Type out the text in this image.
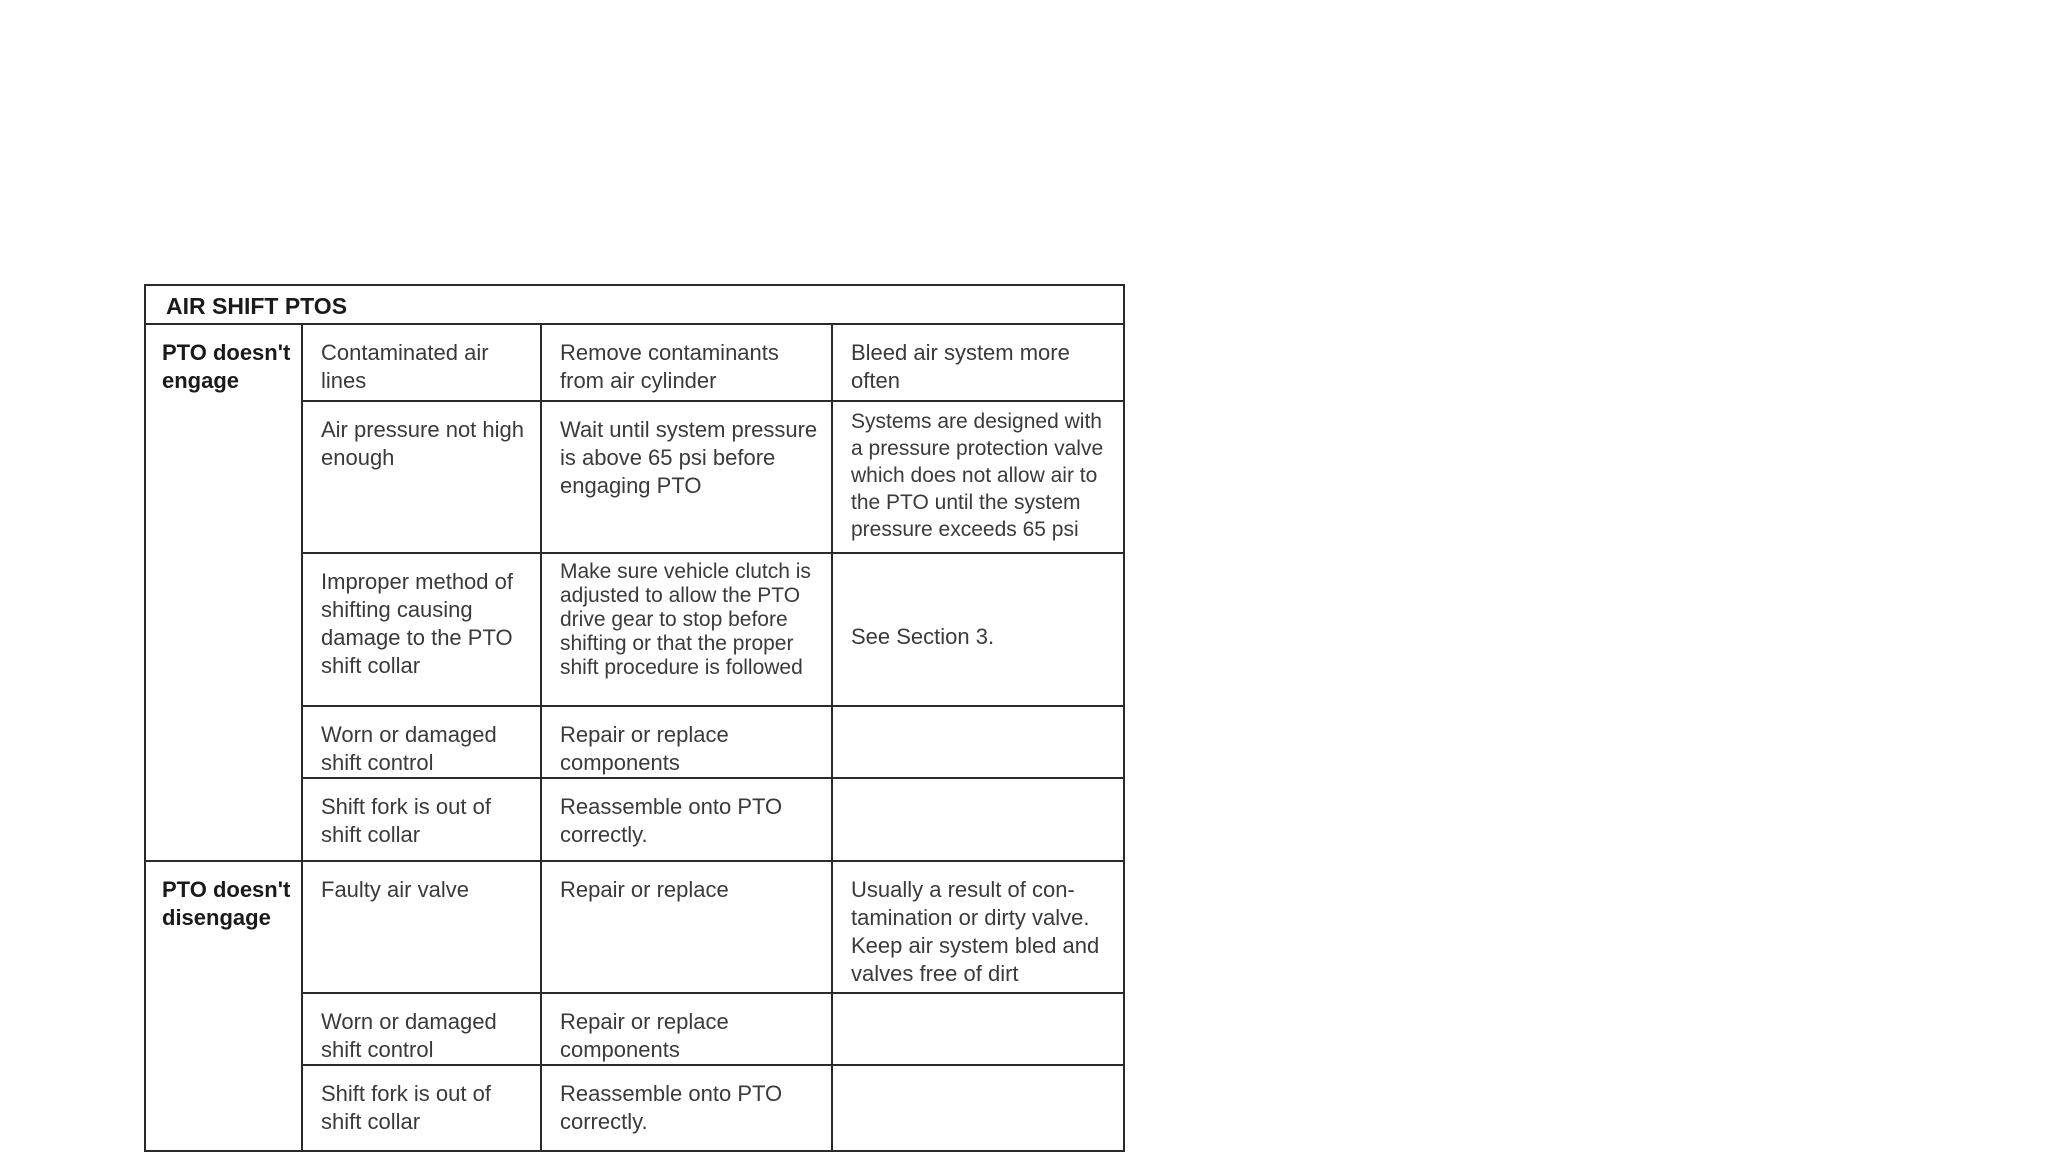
AIR SHIFT PTOS			
PTO doesn't engage	Contaminated air lines	Remove contaminants from air cylinder	Bleed air system more often
	Air pressure not high enough	Wait until system pressure is above 65 psi before engaging PTO	Systems are designed with a pressure protection valve which does not allow air to the PTO until the system pressure exceeds 65 psi
	Improper method of shifting causing damage to the PTO shift collar	Make sure vehicle clutch is adjusted to allow the PTO drive gear to stop before shifting or that the proper shift procedure is followed	See Section 3.
	Worn or damaged shift control	Repair or replace components	
	Shift fork is out of shift collar	Reassemble onto PTO correctly.	
PTO doesn't disengage	Faulty air valve	Repair or replace	Usually a result of con-tamination or dirty valve. Keep air system bled and valves free of dirt
	Worn or damaged shift control	Repair or replace components	
	Shift fork is out of shift collar	Reassemble onto PTO correctly.	
